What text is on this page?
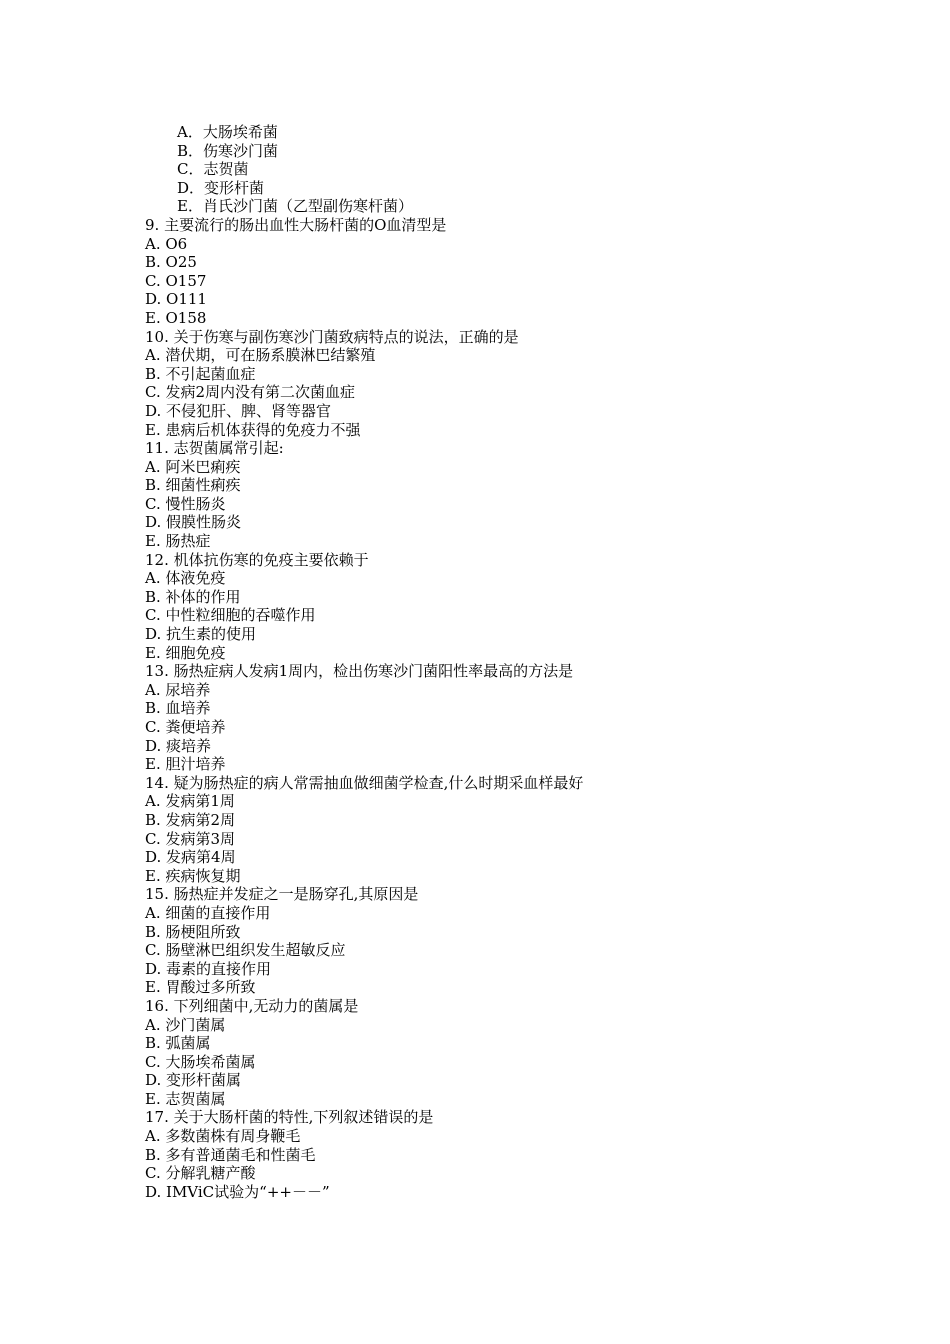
A．大肠埃希菌
B．伤寒沙门菌
C．志贺菌
D．变形杆菌
E．肖氏沙门菌（乙型副伤寒杆菌）
9. 主要流行的肠出血性大肠杆菌的O血清型是
A. O6
B. O25
C. O157
D. O111
E. O158
10. 关于伤寒与副伤寒沙门菌致病特点的说法，正确的是
A. 潜伏期，可在肠系膜淋巴结繁殖
B. 不引起菌血症
C. 发病2周内没有第二次菌血症
D. 不侵犯肝、脾、肾等器官
E. 患病后机体获得的免疫力不强
11. 志贺菌属常引起:
A. 阿米巴痢疾
B. 细菌性痢疾
C. 慢性肠炎
D. 假膜性肠炎
E. 肠热症
12. 机体抗伤寒的免疫主要依赖于
A. 体液免疫
B. 补体的作用
C. 中性粒细胞的吞噬作用
D. 抗生素的使用
E. 细胞免疫
13. 肠热症病人发病1周内，检出伤寒沙门菌阳性率最高的方法是
A. 尿培养
B. 血培养
C. 粪便培养
D. 痰培养
E. 胆汁培养
14. 疑为肠热症的病人常需抽血做细菌学检查,什么时期采血样最好
A. 发病第1周
B. 发病第2周
C. 发病第3周
D. 发病第4周
E. 疾病恢复期
15. 肠热症并发症之一是肠穿孔,其原因是
A. 细菌的直接作用
B. 肠梗阻所致
C. 肠壁淋巴组织发生超敏反应
D. 毒素的直接作用
E. 胃酸过多所致
16. 下列细菌中,无动力的菌属是
A. 沙门菌属
B. 弧菌属
C. 大肠埃希菌属
D. 变形杆菌属
E. 志贺菌属
17. 关于大肠杆菌的特性,下列叙述错误的是
A. 多数菌株有周身鞭毛
B. 多有普通菌毛和性菌毛
C. 分解乳糖产酸
D. IMViC试验为“++－－”
